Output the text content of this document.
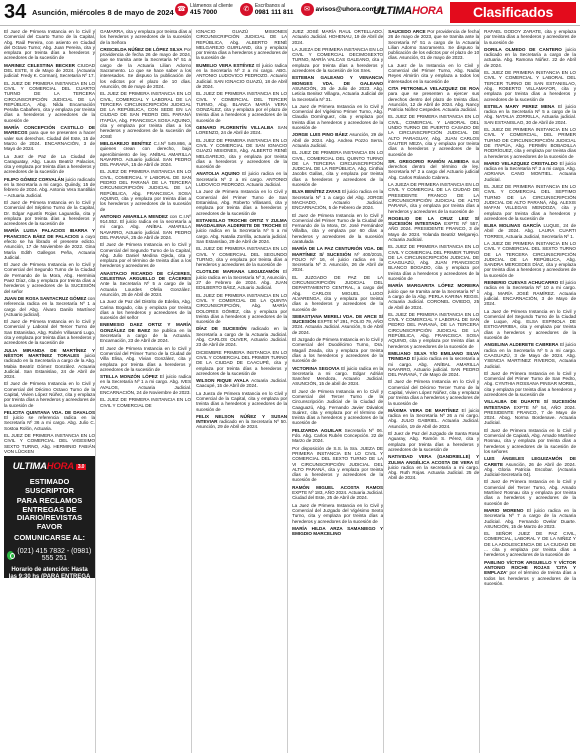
34 Asunción, miércoles 8 de mayo de 2024 ☎ Llámenos al cliente
415 7000	✆	Escríbanos al
0981 111 811	✉ avisos@uhora.com.py
ULTIMAHORA	Clasificados
El Juez de Primera Instancia en lo Civil y Comercial del Cuarto Turno de la Capital, Abg. Raúl Pereira, con asiento en Ciudad del Octavo Turno; Abg. Juan Pereira, cita y emplaza por treinta días a herederos y acreedores de la sucesión de
MARINEZ CELESTINA BECKER CIUDAD DEL ESTE, 8 de Mayo de 2024. (Actuaria judicial: Fredy K. Corman), Secretaría Nº 17.
EL JUEZ DE PRIMERA INSTANCIA EN LO CIVIL Y COMERCIAL DEL CUARTO TURNO DE LA TERCERA CIRCUNSCRIPCIÓN JUDICIAL DE LA REPÚBLICA, Abg. Nilda Encarnación Peralta Cabañero, cita y emplaza por treinta días a herederos y acreedores de la sucesión de
MARÍA CONCEPCIÓN CASTILLO DE MARECOS para que se presenten a hacer valer sus derechos. Ciudad del Este, 15 de Marzo de 2024. ENCARNACIÓN, 3 de Mayo de 2024.
La Juez de Paz de La Ciudad de Caraguatay, Abg. Laura Beatriz Palacios, cita y emplaza por treinta días a herederos y acreedores de la sucesión de
FILIPO GÓMEZ CORVALÁN juicio radicado en la Secretaría a mi cargo. Quiindy, 15 de febrero de 2024. Abg. Antonio Vera Santillán – Actuaria Judicial.
El Juez de Primera Instancia en lo Civil y Comercial del Séptimo Turno de la Capital, Dr. Edgar Agustín Rojas Laguardia, cita y emplaza por treinta días a herederos y acreedores de la sucesión de
MARÍA LUISA PALACIOS IBARRA Y FRANCISCA BÁEZ DE PALACIOS a cuyo efecto se ha librado el presente edicto. Asunción, 17 de Noviembre de 2022. Gina María Edith Gallegos Peña, Actuaria Judicial.
El Juez de Primera Instancia en lo Civil y Comercial del Segundo Turno de la Ciudad de Fernando de la Mora, Abg. Herminia Paez Díaz, cita y emplaza por treinta días a herederos y acreedores de la SUCESIÓN del señor
JUAN DE ROSA SANTACRUZ GÓMEZ con referencia radica en la Secretaría Nº 1 a cargo del Abg. Álvaro Danilo Martínez (Actuario judicial).
El Juez de Primera Instancia en lo Civil y Comercial y Laboral del Tercer Turno de San Estanislao, Abg. Rubén Villasanti Lugo, cita y emplaza por treinta días a herederos y acreedores de la sucesión de
JULIA MIRANDA DE MARTÍNEZ Y NÉSTOR MARTÍNEZ TORALES juicio radicado en la Secretaría a cargo de la Abg. Mabia Beatriz Gómez González. Actuaria Judicial. San Estanislao, 24 de Abril de 2024.
El Juez de Primera Instancia en lo Civil y Comercial del Décimo Octavo Turno de la Capital, Vivien López Núñez, cita y emplaza por treinta días a herederos y acreedores de la sucesión de
FELICITA QUINTANA VDA. DE DAVALOS El juicio se referencia radica en la Secretaría Nº 36 a mi cargo. Abg. Julio C. Sostoa Rolón, Actuaria.
EL JUEZ DE PRIMERA INSTANCIA EN LO CIVIL Y COMERCIAL DEL VIGESIMO SEXTO TURNO, Abg. HERMINIO FABIÁN VON LÜCKEN
ULTIMAHORA 3.0
ESTIMADO SUSCRIPTOR
PARA RECLAMOS ENTREGAS DE DIARIO/REVISTAS FAVOR
COMUNICARSE AL:
(021) 415 7832 - (0981) 555 251
Horario de atención: Hasta las 9:30 hs (PARA ENTREGA DE DIARIO EN EL DÍA)
GAMARRA, cita y emplaza por treinta días a los herederos y acreedores de la sucesión de la Señora
CRISCELDA NÚÑEZ DE LÓPEZ SILVA Por providencia de fecha 26 de mayo de 2024, que se tramita ante la Secretaría Nº 51 a cargo de la Actuaria Lilian Adorno Sacramento. Lo que se hace saber a los interesados. Se dispuso la publicación de los edictos por el plazo de 10 días. Asunción, 06 de mayo de 2024.
EL JUEZ DE PRIMERA INSTANCIA EN LO CIVIL, COMERCIAL Y LABORAL DE LA TERCERA CIRCUNSCRIPCIÓN JUDICIAL DE LA REPÚBLICA, CON SEDE EN LA CIUDAD DE SAN PEDRO DEL PARANÁ ITAPÚA, Abg. FRANCISCA SOSA AQUINO, cita y emplaza por treinta días a los herederos y acreedores de la sucesión de JOSÉ
MELGAREJO BENÍTEZ C.I.Nº 549.866, a quienes crean con derecho, bajo apercibimiento de ley. ANÍBAL AMARILLA NAVARRO. Actuario judicial. SAN PEDRO DEL PARANÁ, 15 de Abril de 2024.
EL JUEZ DE PRIMERA INSTANCIA EN LO CIVIL, COMERCIAL Y LABORAL DE SAN PEDRO DEL PARANÁ DE LA TERCERA CIRCUNSCRIPCIÓN JUDICIAL DE LA REPÚBLICA, Abg. FRANCISCA SOSA AQUINO, cita y emplaza por treinta días a los herederos y acreedores de la sucesión de
ANTONIO AMARILLA MENDEZ con C.I.Nº 914.552. El juicio radica en la secretaría a mi cargo. Abg. ANÍBAL AMARILLA NAVARRO, Actuario judicial. SAN PEDRO DEL PARANÁ, 25 de Abril de 2024.
El Juez de Primera Instancia en lo Civil y Comercial del Segundo Turno de la Capital, Abg. Julio Daniel Medina Ojeda, cita y emplaza por el término de treinta días a los herederos y acreedores de
ANASTACIO RICARDO DE CÁCERES, CELESTINA ARGUELLO DE CÁCERES Ante la Secretaría Nº 5 a cargo de la Actuaria Lourdes Ofelia González. Asunción, 25 de Abril de 2024.
La Juez de Paz del Distrito de Edelira, Abg. Carina Bogado, cita y emplaza por treinta días a los herederos y acreedores de la sucesión del señor
ENEMESIO DAEZ ORTIZ Y MARÍA GONZÁLEZ DE BAEZ Se publica en la Secretaría a cargo de la Actuaria. Encarnación, 23 de Abril de 2024.
El Juez de Primera Instancia en lo Civil y Comercial del Primer Turno de la Ciudad de Villa Elisa, Abg. Vivian González, cita y emplaza por treinta días a herederos y acreedores de la sucesión de
STELLA MONZÓN LÓPEZ El juicio radica en la Secretaría Nº 1 a mi cargo. Abg. IVES AVALOS, Actuaria Judicial. ENCARNACIÓN, 24 de Noviembre de 2023.
EL JUEZ DE PRIMERA INSTANCIA EN LO CIVIL Y COMERCIAL DE
IGNACIO GUAZÚ MISIONES CIRCUNSCRIPCIÓN JUDICIAL DE LA REPÚBLICA, Abg. ALBERTO RENÉ MELGAREJO GUIRLAND, cita y emplaza por treinta días a herederos y acreedores de la sucesión de
EUMELIO VERA ESTÉVEZ El juicio radica en la Secretaría Nº 2 a mi cargo. ABG. ANTONIO LUDOVICO PEDROZO. Actuario Judicial. SAN IGNACIO GUAZÚ, 18 de Abril de 2024.
EL JUEZ DE PRIMERA INSTANCIA EN LO CIVIL Y COMERCIAL DEL TERCER TURNO, Abg. BLANCA MARÍA VERA GONZÁLEZ, cita y emplaza por el plazo de treinta días a herederos y acreedores de la sucesión de
GENARO FLORENTÍN VILLALBA SAN LORENZO, 24 de Abril de 2024.
EL JUEZ DE PRIMERA INSTANCIA EN LO CIVIL Y COMERCIAL DE SAN IGNACIO GUAZÚ MISIONES, Abg. ALBERTO RENÉ MELGAREJO, cita y emplaza por treinta días a herederos y acreedores de la sucesión de
ANATOLIA AQUINO El juicio radica en la Secretaría Nº 2 a mi cargo. ANTONIO LUDOVICO PEDROZO. Actuario Judicial.
La Juez de Primera Instancia en lo Civil y Comercial del Primer Turno de San Estanislao, Abg. Roberto Villasanti, cita y emplaza por treinta días a herederos y acreedores de la sucesión de
ESTANISLAO TROCHE ORTIZ Y ZULMA MAGDALENA ALDERETE DE TROCHE El juicio radica en la Secretaría Nº 5 a mi cargo. Abg. Natalia Zorrilla, actuaria judicial. San Estanislao, 29 de Abril de 2024.
EL JUEZ DE PRIMERA INSTANCIA EN LO CIVIL Y COMERCIAL DEL SEGUNDO TURNO, cita y emplaza por treinta días a herederos y acreedores de la sucesión de
CLOTILDE MARIANA LEGUIZAMÓN El juicio radica en la Secretaría Nº 3, Asunción, 27 de Febrero de 2024. Abg. JUAN EDILBERTO BÁEZ, Actuario Judicial.
EL JUEZ DE PRIMERA INSTANCIA EN LO CIVIL Y COMERCIAL DE LA QUINTA CIRCUNSCRIPCIÓN, Abg. MARÍA DOLORES GÓMEZ, cita y emplaza por treinta días a herederos y acreedores de la sucesión de
DÍAZ DE SUCESIÓN radicado en la Secretaría a cargo de la Actuaria Judicial. Abg. CARLOS OLIVER, Actuario Judicial. 23 de Abril de 2024.
DICIEMBRE PRIMERA INSTANCIA EN LO CIVIL Y COMERCIAL DEL PRIMER TURNO DE LA CIUDAD DE CAACUPÉ, cita y emplaza por treinta días a herederos y acreedores de la sucesión de
WILSON RIQUE AYALA Actuaria Judicial. Caacupé, 15 de Abril de 2024.
La Jueza de Primera Instancia en lo Civil y Comercial de la Capital, cita y emplaza por treinta días a herederos y acreedores de la sucesión de
FELIX NELSON NÚÑEZ Y SUSAN INTEVIAR radicado en la Secretaría Nº 50. Asunción, 29 de Abril de 2024.
JUEZ JOSÉ MARÍA RAUL ORTELLADO. Actuario Judicial. HOHENAU, 19 de Abril de 2024.
LA JUEZA DE PRIMERA INSTANCIA EN LO CIVIL Y COMERCIAL DECIMOSEXTO TURNO, MARÍA VALCAS GALEANO, cita y emplaza por treinta días a herederos y acreedores de la sucesión de los Sres.
ESTEBAN GALEANO Y VENANCIA MONGES VDA. DE GALEANO ASUNCIÓN, 25 de Julio de 2023. Abg. Leticia Benitez Villagra, Actuaria Judicial de la Secretaría Nº 31.
La Juez de Primera Instancia en lo Civil y Comercial del Vigésimo Primer Turno, Abg. Claudia Domínguez, cita y emplaza por treinta días a herederos y acreedores de la sucesión de
JORGE LUIS PINO BÁEZ Asunción, 29 de Abril de 2024. Abg. Andrea Pozzo Serra. Actuaria Judicial.
EL JUEZ DE PRIMERA INSTANCIA EN LO CIVIL, COMERCIAL DEL QUINTO TURNO DE LA TERCERA CIRCUNSCRIPCIÓN JUDICIAL DE LA REPÚBLICA, Abg. Cinthia Jacobs Gallas, cita y emplaza por treinta días a herederos y acreedores de la sucesión de
ELVA BENÍTEZ ZAYAS El juicio radica en la Secretaría Nº 1 a cargo del Abg. JORGE MACHADO, Actuario Judicial. ENCARNACIÓN, 5 de Febrero de 2024.
El Juez de Primera Instancia en lo Civil y Comercial del Primer Turno de la Ciudad de Fernando de la Mora, Dr. José Fernández Villalba, cita y emplaza por 60 días a herederos y acreedores de la sucesión caratulada
MARÍA DE LA PAZ CENTURIÓN VDA. DE MARTÍNEZ S/ SUCESIÓN Nº 400/2015, FOLIO Nº 16, el juicio radica en la Secretaría Nº 3. Asunción, 26 de Abril de 2024.
EL JUZGADO DE PAZ DE LA CIRCUNSCRIPCIÓN JUDICIAL DEL DEPARTAMENTO CENTRAL, a cargo del Abg. CARLOS MIGUEL LUGO ALVARENGA, cita y emplaza por treinta días a herederos y acreedores de la sucesión de
SEBASTIANA MERELI VDA. DE ARCE S/ SUCESIÓN EXPTE Nº 291, FOLIO 79, AÑO 2024. Actuaria Judicial. Asunción, 5 de Abril de 2024.
El Juzgado de Primera Instancia en lo Civil y Comercial del Duodécimo Turno, Dra. Magalí Zeada, cita y emplaza por treinta días a los herederos y acreedores de la sucesión de
VICTORINA SEGOVIA El juicio radica en la Secretaría a mi cargo. Edgar Adrián Sanchez Mendoza, Actuario Judicial. ASUNCIÓN, 15 de abril de 2024.
El Juez de Primera Instancia en lo Civil y Comercial del Tercer Turno de la Circunscripción Judicial de la Ciudad de Caaguazú, Abg. Fernando Javier Dávalos Suárez, cita y emplaza por el término de treinta días a herederos y acreedores de la sucesión de
FELIZARDA AGUILAR Secretaría Nº 06. Fdo. Abg. Carlos Rubén Concepción. 22 de Marzo de 2024.
Por disposición de S.S. la Sra. JUEZA DE PRIMERA INSTANCIA EN LO CIVIL Y COMERCIAL DEL SEXTO TURNO DE LA VI CIRCUNSCRIPCIÓN JUDICIAL DEL ALTO PARANÁ, cita y emplaza por treinta días a herederos y acreedores de la sucesión de
RAMÓN MIGUEL ACOSTA RAMOS EXPTE Nº 183, AÑO 2024. Actuaria Judicial. Ciudad del Este, 25 de Abril de 2024.
La Juez de Primera Instancia en lo Civil y Comercial del Juzgado del Vigésimo Sexto Turno, cita y emplaza por treinta días a herederos y acreedores de la sucesión de
MARÍA HILDA ARZA SAMANIEGO Y EMIGDIO MARCELINO
SAUCEDO ARCE Por providencia de fecha 26 de mayo de 2023, que se tramita ante la Secretaría Nº 51 a cargo de la Actuaria Lilian Adorno Sacramento. Se dispuso la publicación de los edictos por el plazo de 10 días. Asunción, 01 de mayo de 2023.
La Juez de la Instancia en lo Civil y Comercial del Primer Turno, Abg. Nadia Reyes Almirón cita y emplaza a todos los interesados en la sucesión de
CITA PETRONILA VELAZQUEZ DE ROA para que se presenten a ejercer sus derechos dentro del plazo de treinta días. Asunción, 12 de Abril de 2024. Abg. Nancy Patricia Núñez Cespedes. Actuaria Judicial.
EL JUEZ DE PRIMERA INSTANCIA EN LO CIVIL, COMERCIAL Y LABORAL DEL UNDO TURNO DE PUERTO CASADO DE LA CIRCUNSCRIPCIÓN JUDICIAL DE ALTO PARAGUAY, Abg. JUAN CARLOS GAUTER MEZA, cita y emplaza por treinta días a herederos y acreedores de la sucesión de
SR. GREGORIO RAMÓN ALMEIDA sus derechos dentro del término de ley. Secretaría Nº 2 a cargo del Actuario judicial Abg. Carlos Rolando Cabrera.
LA JUEZA DE PRIMERA INSTANCIA EN LO CIVIL Y COMERCIAL DE LA CIUDAD DE PRESIDENTE FRANCO DE LA CIRCUNSCRIPCIÓN JUDICIAL DE ALTO PARANÁ, cita y emplaza por treinta días a herederos y acreedores de la sucesión de
ROGELIO DE LA CRUZ LEIZ S/ SUCESIÓN INTESTADA EXPTE Nº 557, AÑO 2024. PRESIDENTE FRANCO, 3 de Mayo de 2024. Yolanda Beatriz Melgarejo. Actuaria Judicial.
EL JUEZ DE PRIMERA INSTANCIA EN LO CIVIL Y COMERCIAL DEL PRIMER TURNO DE LA CIRCUNSCRIPCIÓN JUDICIAL DE CAAGUAZÚ, Abg. JUAN FRANCISCO BLANCO BOGADO, cita y emplaza por treinta días a herederos y acreedores de la sucesión de
MARÍA MARGARITA LÓPEZ MOREIRA juicio que se tramita ante la Secretaría Nº 1 a cargo de la Abg. PERLA KARINA REGIS. Actuaria Judicial. CORONEL OVIEDO, 25 de Abril de 2024.
EL JUEZ DE PRIMERA INSTANCIA EN LO CIVIL Y COMERCIAL Y LABORAL DE SAN PEDRO DEL PARANÁ, DE LA TERCERA CIRCUNSCRIPCIÓN JUDICIAL DE LA REPÚBLICA, Abg. FRANCISCA SOSA AQUINO, cita y emplaza por treinta días a herederos y acreedores de la sucesión de
EMILIANO SILVA Y/O EMILIANO SILVA TRINIDAD El juicio radica en la secretaría a mi cargo. Abg. ANÍBAL AMARILLA NAVARRO, Actuario judicial. SAN PEDRO DEL PARANÁ, 7 de Mayo de 2024.
El Juez de Primera Instancia en lo Civil y Comercial del Décimo Tercer Turno de la Capital, Vivien López Núñez, cita y emplaza por treinta días a herederos y acreedores de la sucesión de
MÁXIMA VERA DE MARTÍNEZ El juicio radica en la Secretaría Nº 26 a mi cargo. Abg. JULIO GABRIEL. Actuaria Judicial. Asunción, 19 de Abril de 2024.
El Juez de Paz del Juzgado de Santa Rosa Aguaray, Abg. Ramón S. Pérez, cita y emplaza por treinta días a herederos y acreedores de la sucesión de
NATIVIDAD VERA (GANDRIELLE) Y ZULMA ANGÉLICA ACOSTA DE VERA El juicio radica en la secretaría a mi cargo. Abg. Ruth Rojas. Actuaria Judicial. 25 de Abril de 2024.
RAFAEL GODOY ZARATE, cita y emplaza por treinta días a herederos y acreedores de la sucesión de
DORILA OLMEDO DE CANTERO juicio radicado en la Secretaría a cargo de la actuaria. Abg. Ramona Núñez. 22 de Abril de 2024.
EL JUEZ DE PRIMERA INSTANCIA EN LO CIVIL Y COMERCIAL Y LABORAL DEL TERCER TURNO DE SAN ESTANISLAO, Abg. ROBERTO VILLAMAYOR, cita y emplaza por treinta días a herederos y acreedores de la sucesión de
ESTELA MARY PEREZ MENA El juicio radica en la Secretaría Nº 5 a cargo de la Abg. NATALIA ZORRILLA, Actuaria judicial. SAN ESTANISLAO, 30 de Abril de 2024.
EL JUEZ DE PRIMERA INSTANCIA EN LO CIVIL Y COMERCIAL, DEL PRIMER TURNO DE CIRCUNSCRIPCIÓN JUDICIAL DE ITAPÚA, Abg. FERMÍN BOBADILLA RODRÍGUEZ, cita y emplaza por treinta días a herederos y acreedores de la sucesión de
MARIO VELAZQUEZ CRISTALDO El juicio radica en la Secretaría Nº 3 a mi cargo. Abg. ADRIANA CANO MONTIEL. Actuaria Judicial.
EL JUEZ DE PRIMERA INSTANCIA EN LO CIVIL Y COMERCIAL DEL SEPTIMO TURNO DE LA CIRCUNSCRIPCIÓN JUDICIAL DE ALTO PARANÁ, Abg. ALEXIS MAFAN VILLEGAS MENDOZA, cita y emplaza por treinta días a herederos y acreedores de la sucesión de
ELBA MOLINAS GARCÍA LUQUE, 24 de Abril de 2024. Abg. LAURA CUARTI TORRES, Actuaria Judicial, Secretaría Nº 1.
LA JUEZ DE PRIMERA INSTANCIA EN LO CIVIL Y COMERCIAL DEL SEXTO TURNO DE LA TERCERA CIRCUNSCRIPCIÓN JUDICIAL DE LA REPÚBLICA, Abg. SANDRA MERCEDES DÍAZ, cita y emplaza por treinta días a herederos y acreedores de la sucesión de
REINERIO CUEVAS ACHUCARRO El juicio radica en la Secretaría Nº 10 a mi cargo. Abg. MARÍA JOSÉ RAMÍREZ. Actuaria judicial. ENCARNACIÓN, 3 de Mayo de 2024.
La Juez de Primera Instancia en lo Civil y Comercial del Segundo Turno de la Ciudad de Luque, Abg. ELSA ESPINOLA DE ESTIGARRIBIA, cita y emplaza por treinta días a herederos y acreedores de la sucesión de
ANGELINA ALDERETE CABRERA El juicio radica en la Secretaría Nº 5 a mi cargo. CAAGUAZÚ, 3 de Mayo de 2024. Abg. YSENCIA MARTINEZ RIVEROS, Actuaria Judicial.
El Juez de Primera Instancia en lo Civil y Comercial del Primer Turno de San Pedro, Abg. CYNTHIA ROSSANA PINSAR MOREL, cita y emplaza por treinta días a herederos y acreedores de la sucesión de
VILLALBA DE DUARTE S/ SUCESIÓN INTESTADA EXPTE Nº 54, AÑO 2024. PRESIDENTE FRANCO, 7 de Mayo de 2024. Abog. Norma Bordenave. Actuaria Judicial.
El Juez de Primera Instancia en lo Civil y Comercial de Capiatá, Abg. Amado Martínez Rosnau, cita y emplaza por treinta días a herederos y acreedores de la sucesión de los señores
LUIS ÁNGELES LEGUIZAMÓN DE CARETE Asunción, 26 de Abril de 2024. Abg. Gloria Patricia Escobar. (Actuaria Judicial-Secretaría 04).
El Juez de Primera Instancia en lo Civil y Comercial del Tercer Turno, Abg. Amado Martínez Rosnau cita y emplaza por treinta días a herederos y acreedores de la sucesión de
MARIO MORENO El juicio radica en la Secretaría Nº 7 a cargo de la Actuaria Judicial. Abg. Fernando Ovelar Duarte. ASUNCIÓN, 15 de Marzo de 2023.
EL SEÑOR JUEZ DE PAZ CIVIL, COMERCIAL, LABORAL Y DE LA NIÑEZ Y DE LA ADOLESCENCIA DE LA CIUDAD DE ... cita y emplaza por treinta días a herederos y acreedores de la sucesión de
PABLINO VÍCTOR ARGUELLO Y VÍCTOR ANTONIO ROCHE ROJAS 'CITA Y EMPLAZA' por el término de treinta días a todos los herederos y acreedores de la sucesión.
